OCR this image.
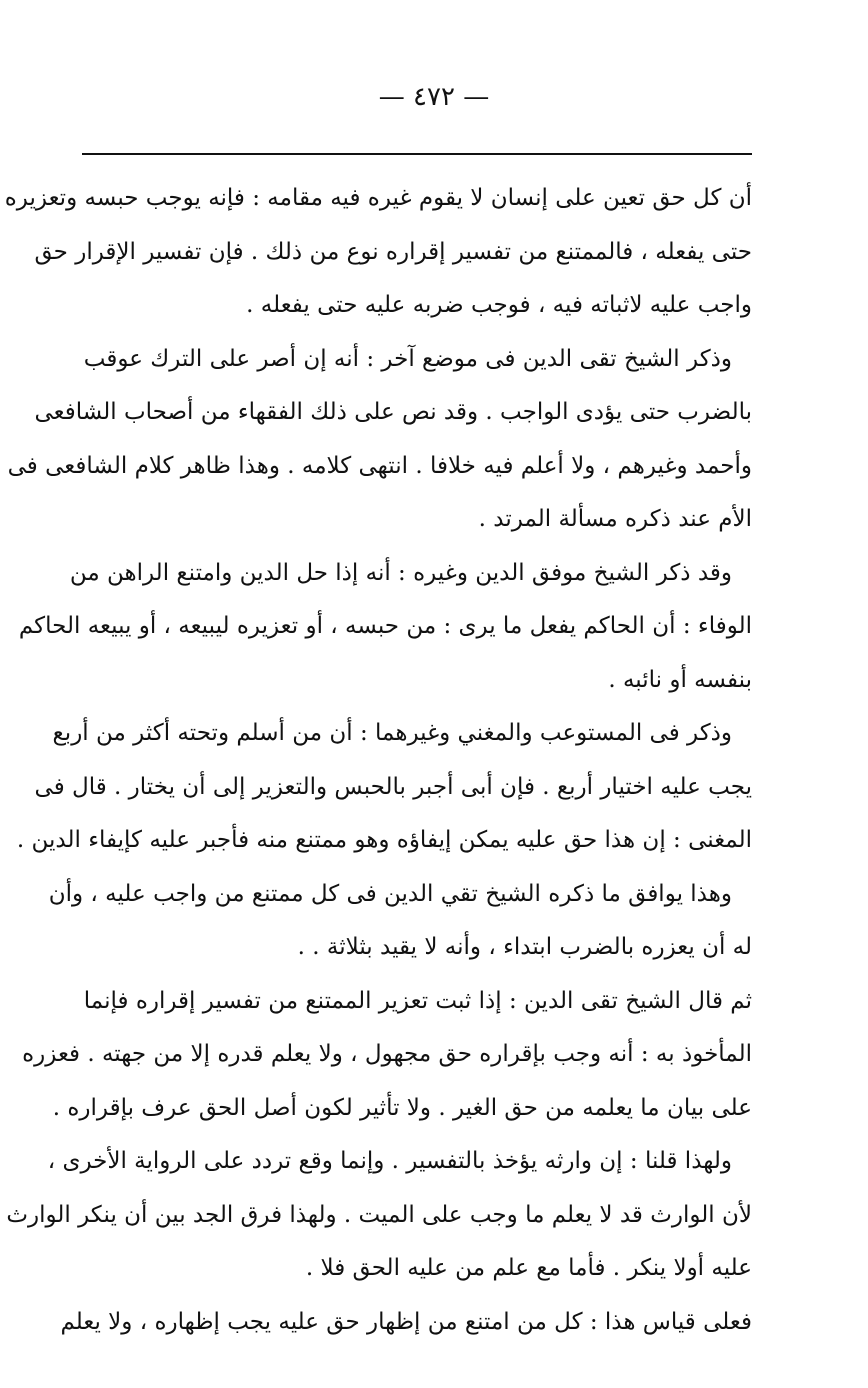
— ٤٧٢ —
أن كل حق تعين على إنسان لا يقوم غيره فيه مقامه : فإنه يوجب حبسه وتعزيره
حتى يفعله ، فالممتنع من تفسير إقراره نوع من ذلك . فإن تفسير الإقرار حق
واجب عليه لاثباته فيه ، فوجب ضربه عليه حتى يفعله .
وذكر الشيخ تقى الدين فى موضع آخر : أنه إن أصر على الترك عوقب
بالضرب حتى يؤدى الواجب . وقد نص على ذلك الفقهاء من أصحاب الشافعى
وأحمد وغيرهم ، ولا أعلم فيه خلافا . انتهى كلامه . وهذا ظاهر كلام الشافعى فى
الأم عند ذكره مسألة المرتد .
وقد ذكر الشيخ موفق الدين وغيره : أنه إذا حل الدين وامتنع الراهن من
الوفاء : أن الحاكم يفعل ما يرى : من حبسه ، أو تعزيره ليبيعه ، أو يبيعه الحاكم
بنفسه أو نائبه .
وذكر فى المستوعب والمغني وغيرهما : أن من أسلم وتحته أكثر من أربع
يجب عليه اختيار أربع . فإن أبى أجبر بالحبس والتعزير إلى أن يختار . قال فى
المغنى : إن هذا حق عليه يمكن إيفاؤه وهو ممتنع منه فأجبر عليه كإيفاء الدين .
وهذا يوافق ما ذكره الشيخ تقي الدين فى كل ممتنع من واجب عليه ، وأن
له أن يعزره بالضرب ابتداء ، وأنه لا يقيد بثلاثة . .
ثم قال الشيخ تقى الدين : إذا ثبت تعزير الممتنع من تفسير إقراره فإنما
المأخوذ به : أنه وجب بإقراره حق مجهول ، ولا يعلم قدره إلا من جهته . فعزره
على بيان ما يعلمه من حق الغير . ولا تأثير لكون أصل الحق عرف بإقراره .
ولهذا قلنا : إن وارثه يؤخذ بالتفسير . وإنما وقع تردد على الرواية الأخرى ،
لأن الوارث قد لا يعلم ما وجب على الميت . ولهذا فرق الجد بين أن ينكر الوارث
عليه أولا ينكر . فأما مع علم من عليه الحق فلا .
فعلى قياس هذا : كل من امتنع من إظهار حق عليه يجب إظهاره ، ولا يعلم
